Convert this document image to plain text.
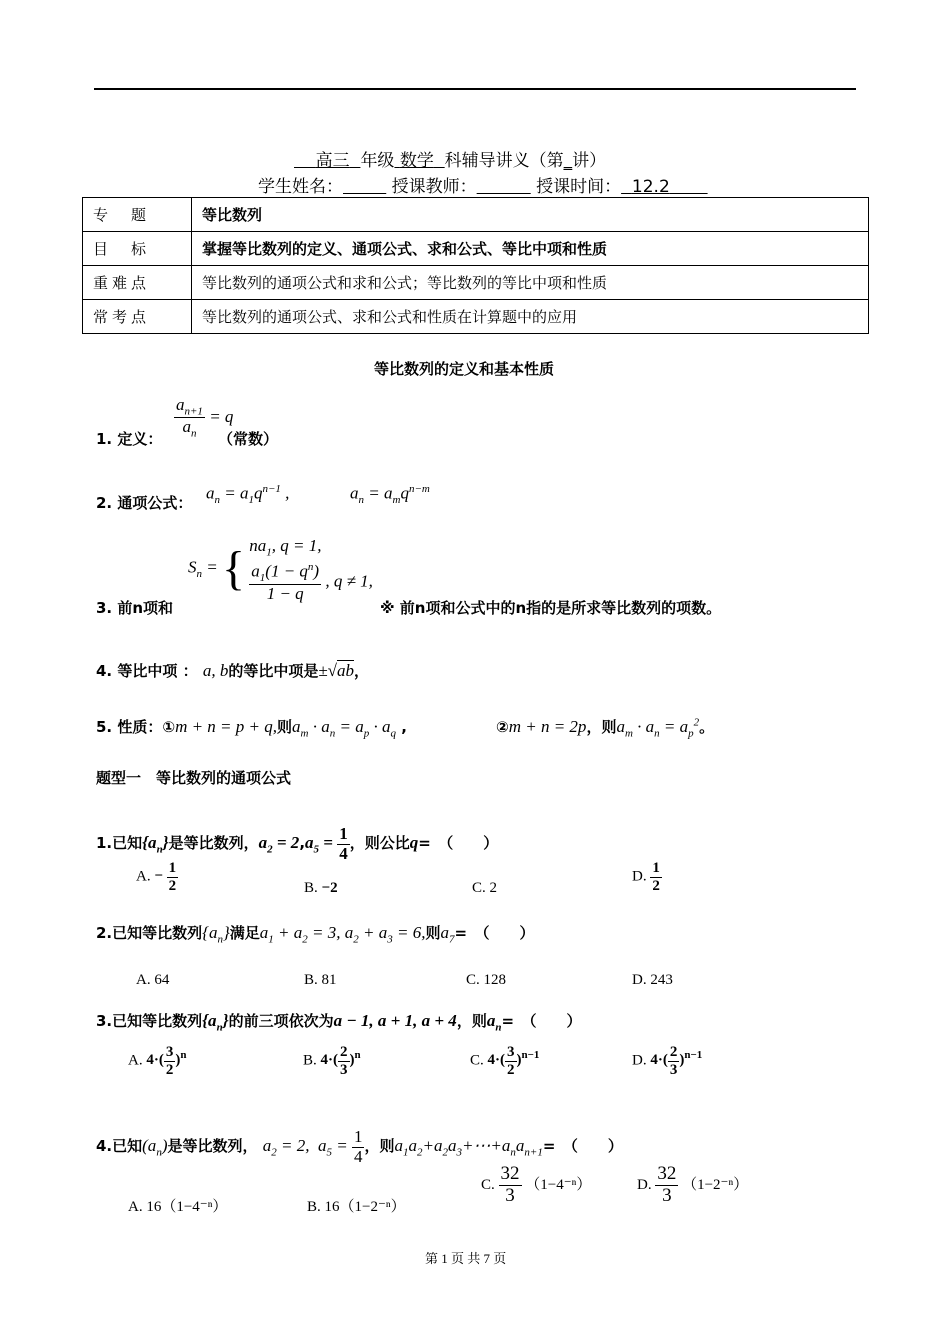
高三 年级 数学 科辅导讲义（第_讲）
学生姓名：	授课教师：	授课时间： 12.2
专　题	等比数列
目　标	掌握等比数列的定义、通项公式、求和公式、等比中项和性质
重难点	等比数列的通项公式和求和公式；等比数列的等比中项和性质
常考点	等比数列的通项公式、求和公式和性质在计算题中的应用
等比数列的定义和基本性质
$\frac{a_{n+1}}{a_n} = q$
1. 定义：	（常数）
2. 通项公式：
$a_n = a_1q^{n-1}$ ,	$a_n = a_mq^{n-m}$
$S_n$ = { $na_1$, q = 1,
$\frac{a_1(1 - q^n)}{1 - q}$ , q ≠ 1,
3. 前n项和	※ 前n项和公式中的n指的是所求等比数列的项数。
4. 等比中项 ： a, b的等比中项是±√ab，
5. 性质：①m + n = p + q,则$a_m \cdot a_n = a_p \cdot a_q$ ,	②m + n = 2p，则$a_m \cdot a_n = a_p^2$。
题型一　等比数列的通项公式
1.已知$\{a_n\}$是等比数列，$a_2 = 2,a_5 = \frac{1}{4}$ ，则公比q=　（　　）
A. − $\frac{1}{2}$	B. −2	C. 2
D. $\frac{1}{2}$
2.已知等比数列$\{a_n\}$满足$a_1 + a_2 = 3$, $a_2 + a_3 = 6$,则$a_7=$　（　　）
A. 64	B. 81	C. 128	D. 243
3.已知等比数列$\{a_n\}$的前三项依次为a − 1, a + 1, a + 4，则$a_n=$　（　　）
A. $4\cdot( \frac{3}{2} )^n$	B. $4\cdot( \frac{2}{3} )^n$	C. $4\cdot( \frac{3}{2} )^{n-1}$	D. $4\cdot( \frac{2}{3} )^{n-1}$
4.已知$(a_n)$是等比数列， $a_2 = 2$,  $a_5 = \frac{1}{4}$ ，则$a_1a_2+a_2a_3+\cdots+a_na_{n+1}=$　（　　）
A. 16（1−4⁻ⁿ）	B. 16（1−2⁻ⁿ）
C. $\frac{32}{3} (1-4^{-n})$	D. $\frac{32}{3} (1-2^{-n})$
第 1 页 共 7 页
